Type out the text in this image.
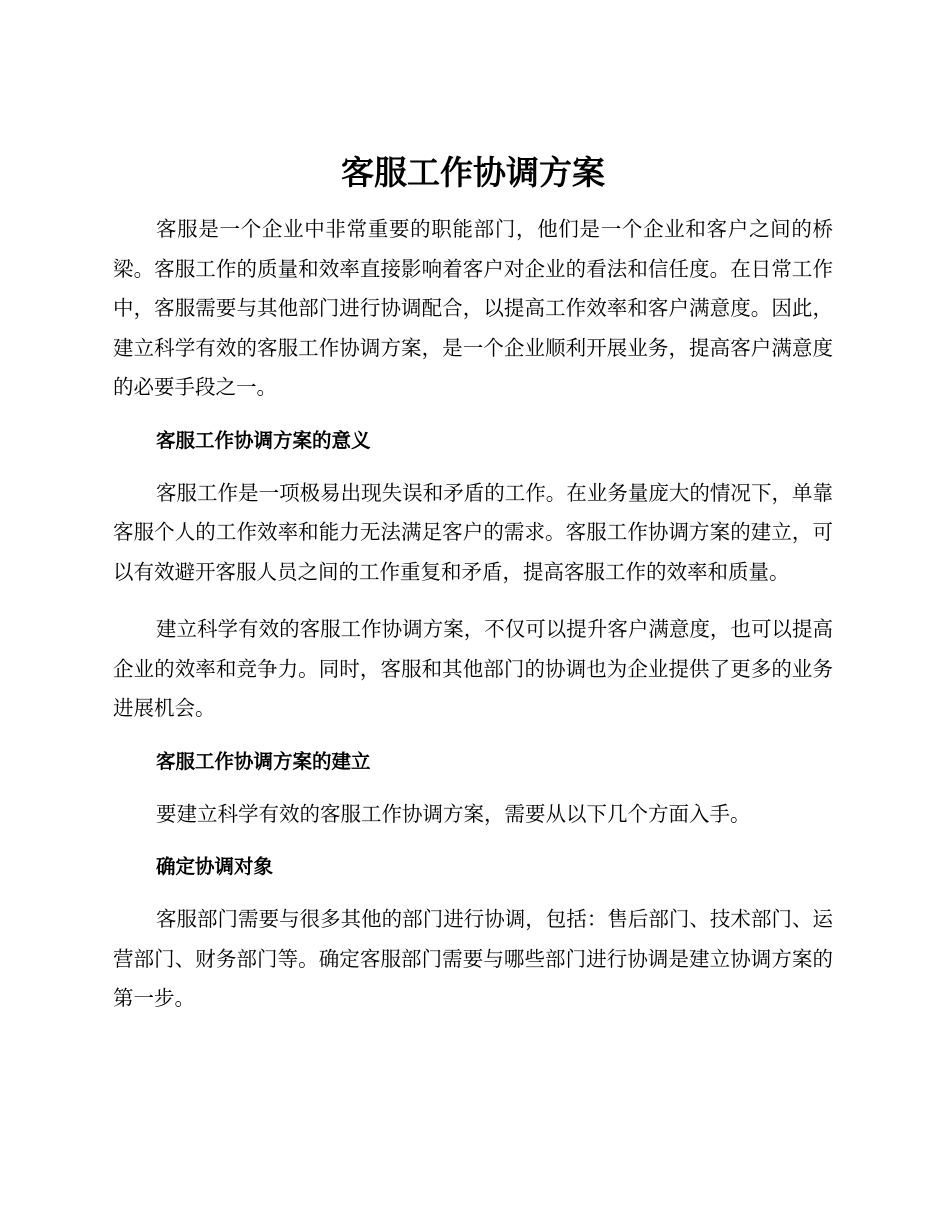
客服工作协调方案

客服是一个企业中非常重要的职能部门，他们是一个企业和客户之间的桥梁。客服工作的质量和效率直接影响着客户对企业的看法和信任度。在日常工作中，客服需要与其他部门进行协调配合，以提高工作效率和客户满意度。因此，建立科学有效的客服工作协调方案，是一个企业顺利开展业务，提高客户满意度的必要手段之一。

客服工作协调方案的意义

客服工作是一项极易出现失误和矛盾的工作。在业务量庞大的情况下，单靠客服个人的工作效率和能力无法满足客户的需求。客服工作协调方案的建立，可以有效避开客服人员之间的工作重复和矛盾，提高客服工作的效率和质量。

建立科学有效的客服工作协调方案，不仅可以提升客户满意度，也可以提高企业的效率和竞争力。同时，客服和其他部门的协调也为企业提供了更多的业务进展机会。

客服工作协调方案的建立

要建立科学有效的客服工作协调方案，需要从以下几个方面入手。

确定协调对象

客服部门需要与很多其他的部门进行协调，包括：售后部门、技术部门、运营部门、财务部门等。确定客服部门需要与哪些部门进行协调是建立协调方案的第一步。
